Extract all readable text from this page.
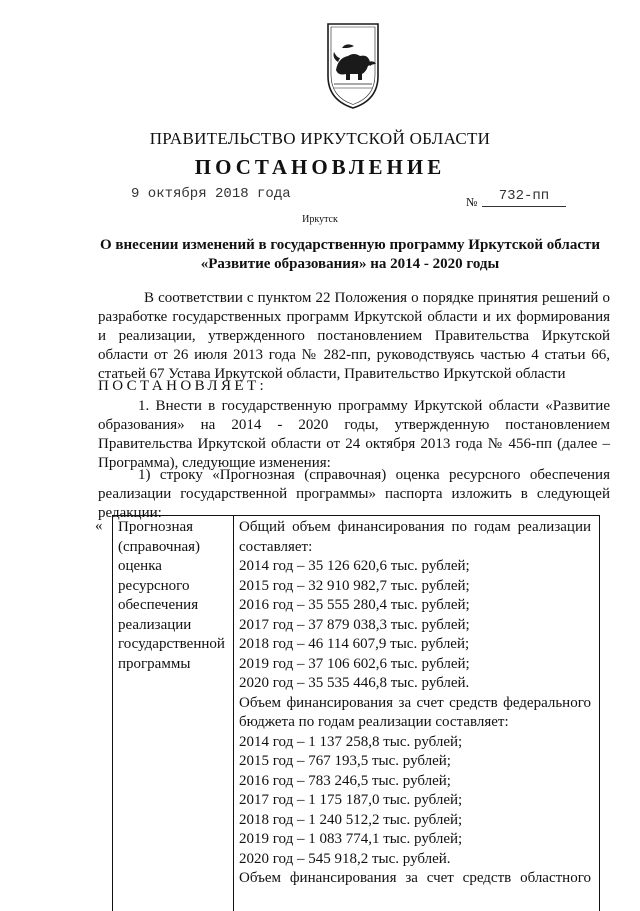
ПРАВИТЕЛЬСТВО ИРКУТСКОЙ ОБЛАСТИ
ПОСТАНОВЛЕНИЕ
9 октября 2018 года	№	732-пп
Иркутск
О внесении изменений в государственную программу Иркутской области
«Развитие образования» на 2014 - 2020 годы
В соответствии с пунктом 22 Положения о порядке принятия решений о разработке государственных программ Иркутской области и их формирования и реализации, утвержденного постановлением Правительства Иркутской области от 26 июля 2013 года № 282-пп, руководствуясь частью 4 статьи 66, статьей 67 Устава Иркутской области, Правительство Иркутской области
ПОСТАНОВЛЯЕТ:
1. Внести в государственную программу Иркутской области «Развитие образования» на 2014 - 2020 годы, утвержденную постановлением Правительства Иркутской области от 24 октября 2013 года № 456-пп (далее – Программа), следующие изменения:
1) строку «Прогнозная (справочная) оценка ресурсного обеспечения реализации государственной программы» паспорта изложить в следующей редакции:
« Прогнозная
(справочная)
оценка
ресурсного
обеспечения
реализации
государственной
программы
Общий объем финансирования по годам реализации составляет:
2014 год – 35 126 620,6 тыс. рублей;
2015 год – 32 910 982,7 тыс. рублей;
2016 год – 35 555 280,4 тыс. рублей;
2017 год – 37 879 038,3 тыс. рублей;
2018 год – 46 114 607,9 тыс. рублей;
2019 год – 37 106 602,6 тыс. рублей;
2020 год – 35 535 446,8 тыс. рублей.
Объем финансирования за счет средств федерального бюджета по годам реализации составляет:
2014 год – 1 137 258,8 тыс. рублей;
2015 год – 767 193,5 тыс. рублей;
2016 год – 783 246,5 тыс. рублей;
2017 год – 1 175 187,0 тыс. рублей;
2018 год – 1 240 512,2 тыс. рублей;
2019 год – 1 083 774,1 тыс. рублей;
2020 год – 545 918,2 тыс. рублей.
Объем финансирования за счет средств областного
